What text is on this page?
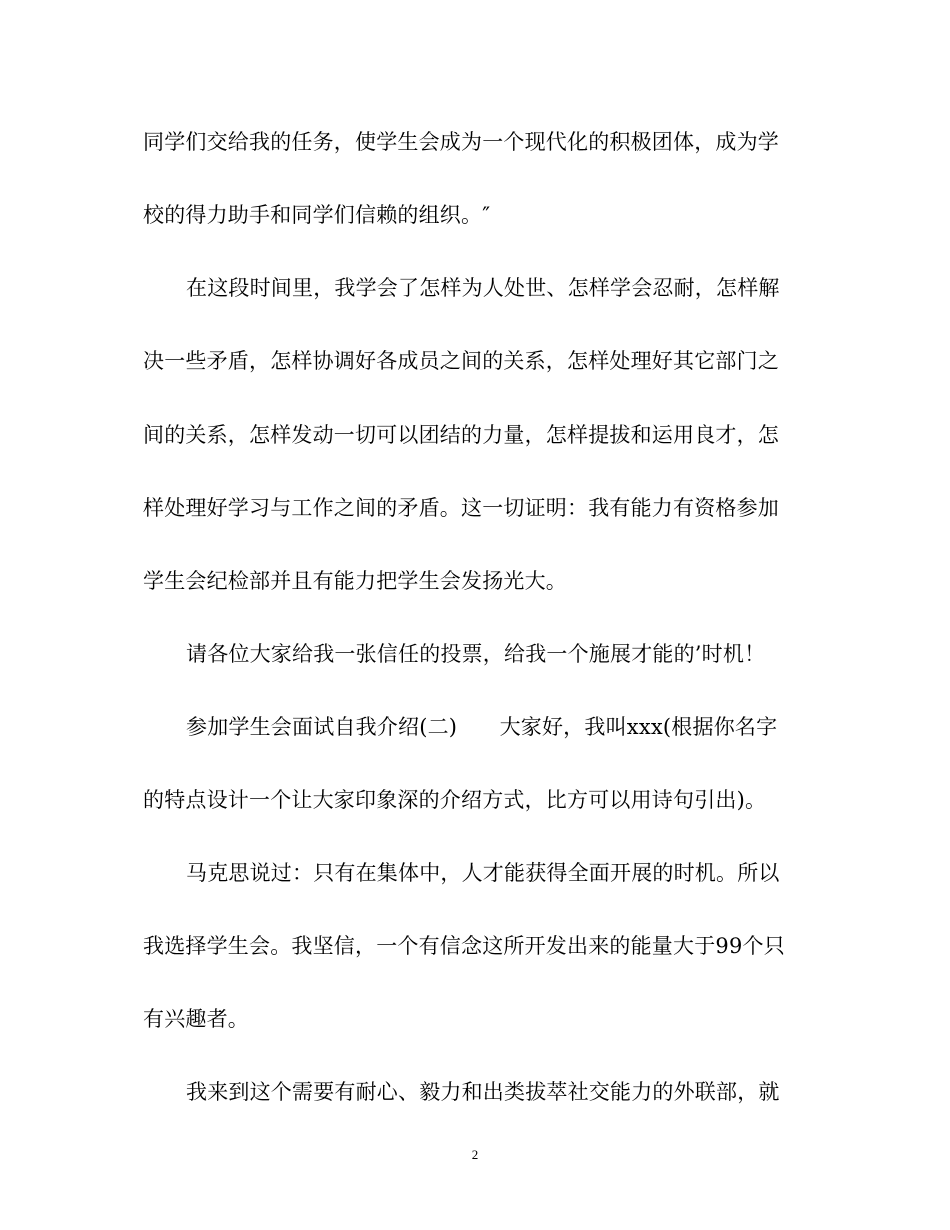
同学们交给我的任务，使学生会成为一个现代化的积极团体，成为学
校的得力助手和同学们信赖的组织。″
在这段时间里，我学会了怎样为人处世、怎样学会忍耐，怎样解
决一些矛盾，怎样协调好各成员之间的关系，怎样处理好其它部门之
间的关系，怎样发动一切可以团结的力量，怎样提拔和运用良才，怎
样处理好学习与工作之间的矛盾。这一切证明：我有能力有资格参加
学生会纪检部并且有能力把学生会发扬光大。
请各位大家给我一张信任的投票，给我一个施展才能的’时机！
参加学生会面试自我介绍(二)　　大家好，我叫xxx(根据你名字
的特点设计一个让大家印象深的介绍方式，比方可以用诗句引出)。
马克思说过：只有在集体中，人才能获得全面开展的时机。所以
我选择学生会。我坚信，一个有信念这所开发出来的能量大于99个只
有兴趣者。
我来到这个需要有耐心、毅力和出类拔萃社交能力的外联部，就
2
